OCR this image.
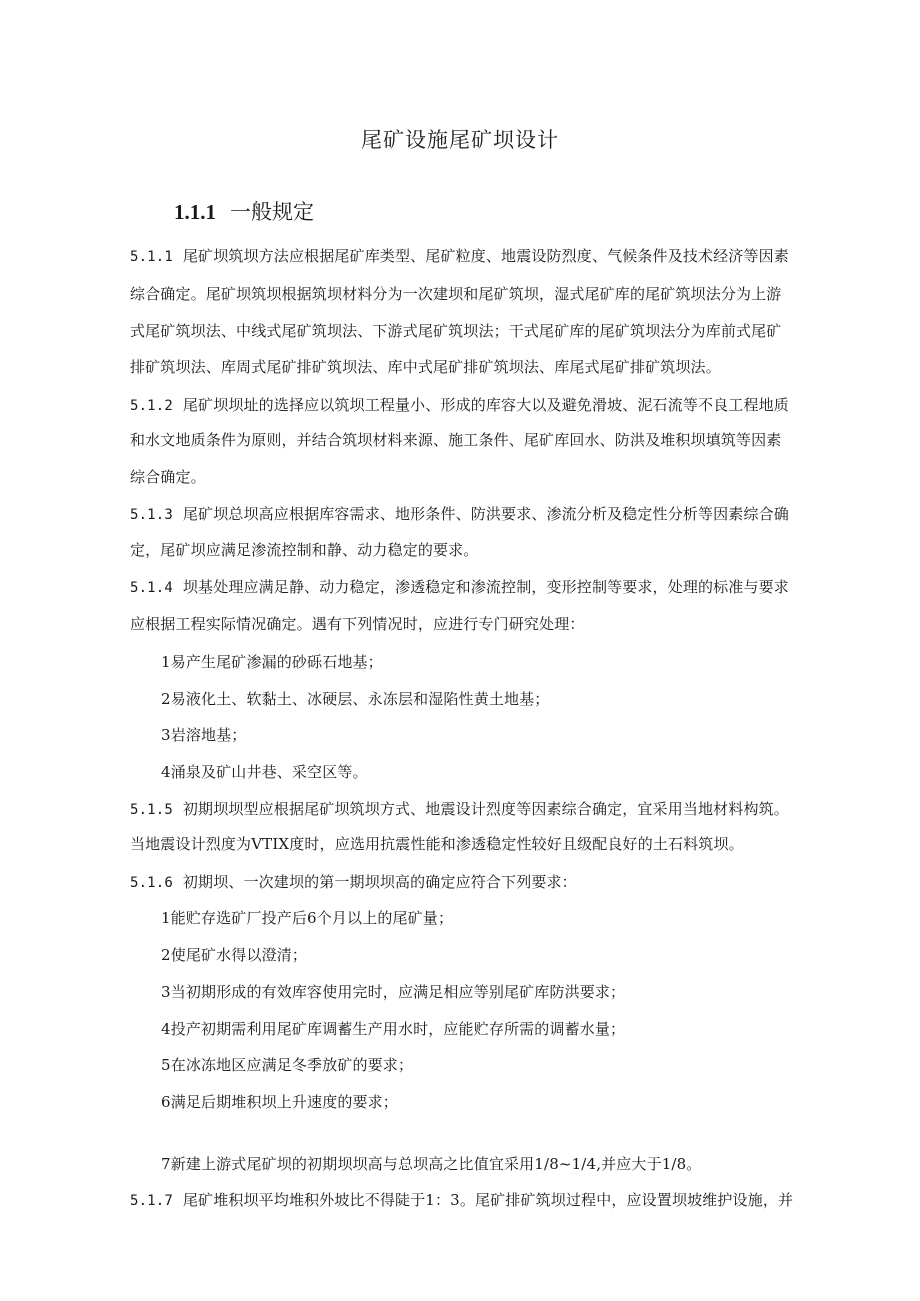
尾矿设施尾矿坝设计
1.1.1 一般规定
5.1.1 尾矿坝筑坝方法应根据尾矿库类型、尾矿粒度、地震设防烈度、气候条件及技术经济等因素
综合确定。尾矿坝筑坝根据筑坝材料分为一次建坝和尾矿筑坝，湿式尾矿库的尾矿筑坝法分为上游
式尾矿筑坝法、中线式尾矿筑坝法、下游式尾矿筑坝法；干式尾矿库的尾矿筑坝法分为库前式尾矿
排矿筑坝法、库周式尾矿排矿筑坝法、库中式尾矿排矿筑坝法、库尾式尾矿排矿筑坝法。
5.1.2 尾矿坝坝址的选择应以筑坝工程量小、形成的库容大以及避免滑坡、泥石流等不良工程地质
和水文地质条件为原则，并结合筑坝材料来源、施工条件、尾矿库回水、防洪及堆积坝填筑等因素
综合确定。
5.1.3 尾矿坝总坝高应根据库容需求、地形条件、防洪要求、渗流分析及稳定性分析等因素综合确
定，尾矿坝应满足渗流控制和静、动力稳定的要求。
5.1.4 坝基处理应满足静、动力稳定，渗透稳定和渗流控制，变形控制等要求，处理的标准与要求
应根据工程实际情况确定。遇有下列情况时，应进行专门研究处理：
1易产生尾矿渗漏的砂砾石地基；
2易液化土、软黏土、冰硬层、永冻层和湿陷性黄土地基；
3岩溶地基；
4涌泉及矿山井巷、采空区等。
5.1.5 初期坝坝型应根据尾矿坝筑坝方式、地震设计烈度等因素综合确定，宜采用当地材料构筑。
当地震设计烈度为VTIX度时，应选用抗震性能和渗透稳定性较好且级配良好的土石料筑坝。
5.1.6 初期坝、一次建坝的第一期坝坝高的确定应符合下列要求：
1能贮存选矿厂投产后6个月以上的尾矿量；
2使尾矿水得以澄清；
3当初期形成的有效库容使用完时，应满足相应等别尾矿库防洪要求；
4投产初期需利用尾矿库调蓄生产用水时，应能贮存所需的调蓄水量；
5在冰冻地区应满足冬季放矿的要求；
6满足后期堆积坝上升速度的要求；
7新建上游式尾矿坝的初期坝坝高与总坝高之比值宜采用1/8~1/4,并应大于1/8。
5.1.7 尾矿堆积坝平均堆积外坡比不得陡于1：3。尾矿排矿筑坝过程中，应设置坝坡维护设施，并
